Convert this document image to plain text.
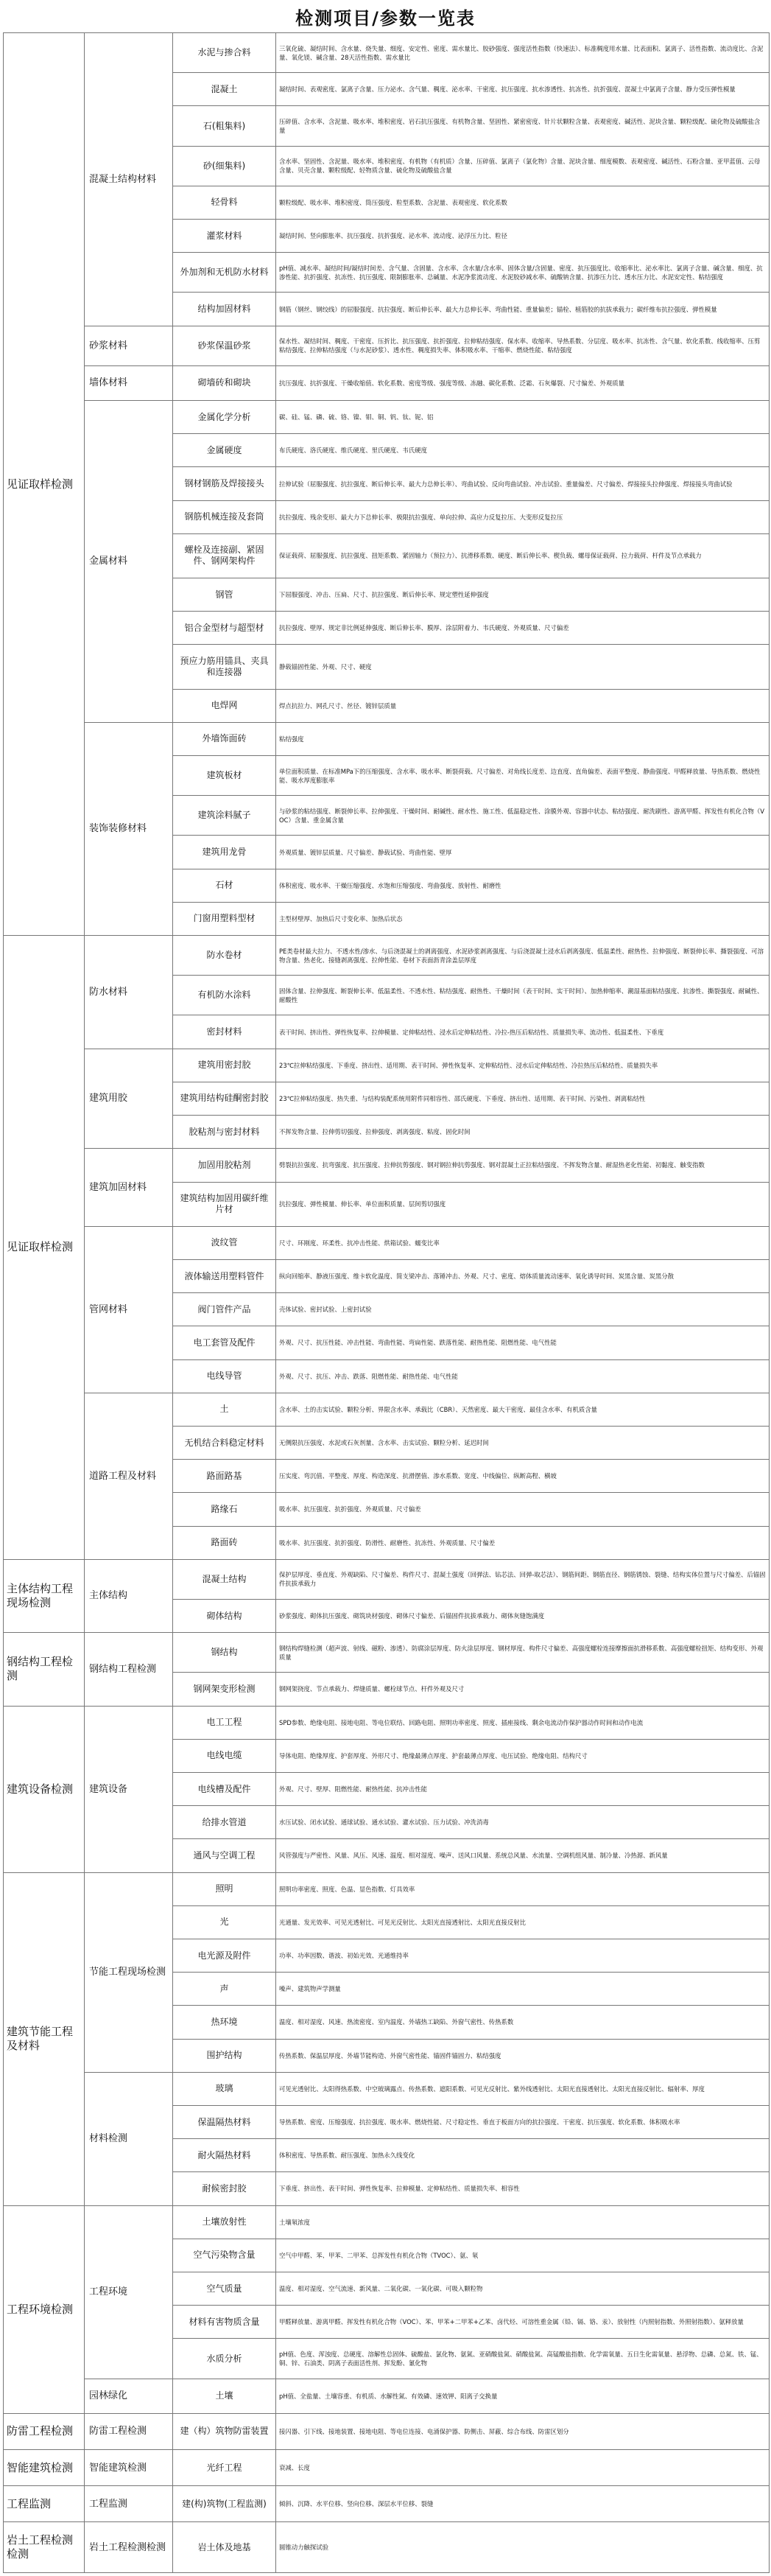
检测项目/参数一览表
见证取样检测	混凝土结构材料	水泥与掺合料	三氧化硫、凝结时间、含水量、烧失量、细度、安定性、密度、需水量比、胶砂强度、强度活性指数（快速法）、标准稠度用水量、比表面积、氯离子、活性指数、流动度比、含泥量、氧化镁、碱含量、28天活性指数、需水量比
		混凝土	凝结时间、表观密度、氯离子含量、压力泌水、含气量、稠度、泌水率、干密度、抗压强度、抗水渗透性、抗冻性、抗折强度、混凝土中氯离子含量、静力受压弹性模量
		石(粗集料)	压碎值、含水率、含泥量、吸水率、堆积密度、岩石抗压强度、有机物含量、坚固性、紧密密度、针片状颗粒含量、表观密度、碱活性、泥块含量、颗粒级配、硫化物及硫酸盐含量
		砂(细集料)	含水率、坚固性、含泥量、吸水率、堆积密度、有机物（有机质）含量、压碎值、氯离子（氯化物）含量、泥块含量、细度模数、表观密度、碱活性、石粉含量、亚甲蓝值、云母含量、贝壳含量、颗粒级配、轻物质含量、硫化物及硫酸盐含量
		轻骨料	颗粒级配、吸水率、堆积密度、筒压强度、粒型系数、含泥量、表观密度、软化系数
		灌浆材料	凝结时间、竖向膨胀率、抗压强度、抗折强度、泌水率、流动度、泌浮压力比、粒径
		外加剂和无机防水材料	pH值、减水率、凝结时间/凝结时间差、含气量、含固量、含水率、含水量/含水率、固体含量/含固量、密度、抗压强度比、收缩率比、泌水率比、氯离子含量、碱含量、细度、抗渗性能、抗折强度、抗冻性、抗压强度、限制膨胀率、总碱量、水泥净浆流动度、水泥胶砂减水率、硫酸钠含量、抗渗压力比、透水压力比、水泥安定性、粘结强度
		结构加固材料	钢筋（钢丝、钢绞线）的屈服强度、抗拉强度、断后伸长率、最大力总伸长率、弯曲性能、重量偏差；锚栓、植筋胶的抗拔承载力；碳纤维布抗拉强度、弹性模量
	砂浆材料	砂浆保温砂浆	保水性、凝结时间、稠度、干密度、压折比、抗压强度、抗折强度、拉伸粘结强度、保水率、收缩率、导热系数、分层度、吸水率、抗冻性、含气量、软化系数、线收缩率、压剪粘结强度、拉伸粘结强度（与水泥砂浆）、透水性、稠度损失率、体积吸水率、干缩率、燃烧性能、粘结强度
	墙体材料	砌墙砖和砌块	抗压强度、抗折强度、干燥收缩值、软化系数、密度等级、强度等级、冻融、碳化系数、泛霜、石灰爆裂、尺寸偏差、外观质量
	金属材料	金属化学分析	碳、硅、锰、磷、硫、铬、镍、钼、铜、钒、钛、铌、铝
		金属硬度	布氏硬度、洛氏硬度、维氏硬度、里氏硬度、韦氏硬度
		钢材钢筋及焊接接头	拉伸试验（屈服强度、抗拉强度、断后伸长率、最大力总伸长率）、弯曲试验、反向弯曲试验、冲击试验、重量偏差、尺寸偏差、焊接接头拉伸强度、焊接接头弯曲试验
		钢筋机械连接及套筒	抗拉强度、残余变形、最大力下总伸长率、极限抗拉强度、单向拉伸、高应力反复拉压、大变形反复拉压
		螺栓及连接副、紧固件、钢网架构件	保证载荷、屈服强度、抗拉强度、扭矩系数、紧固轴力（预拉力）、抗滑移系数、硬度、断后伸长率、楔负载、螺母保证载荷、拉力载荷、杆件及节点承载力
		钢管	下屈服强度、冲击、压扁、尺寸、抗拉强度、断后伸长率、规定塑性延伸强度
		铝合金型材与超型材	抗拉强度、壁厚、规定非比例延伸强度、断后伸长率、膜厚、涂层附着力、韦氏硬度、外观质量、尺寸偏差
		预应力筋用锚具、夹具和连接器	静载锚固性能、外观、尺寸、硬度
		电焊网	焊点抗拉力、网孔尺寸、丝径、镀锌层质量
	装饰装修材料	外墙饰面砖	粘结强度
		建筑板材	单位面积质量、在标准MPa下的压缩强度、含水率、吸水率、断裂荷载、尺寸偏差、对角线长度差、边直度、直角偏差、表面平整度、静曲强度、甲醛释放量、导热系数、燃烧性能、吸水厚度膨胀率
		建筑涂料腻子	与砂浆的粘结强度、断裂伸长率、拉伸强度、干燥时间、耐碱性、耐水性、施工性、低温稳定性、涂膜外观、容器中状态、粘结强度、耐洗刷性、游离甲醛、挥发性有机化合物（VOC）含量、重金属含量
		建筑用龙骨	外观质量、镀锌层质量、尺寸偏差、静载试验、弯曲性能、壁厚
		石材	体积密度、吸水率、干燥压缩强度、水饱和压缩强度、弯曲强度、放射性、耐磨性
		门窗用塑料型材	主型材壁厚、加热后尺寸变化率、加热后状态
见证取样检测	防水材料	防水卷材	PE类卷材最大拉力、不透水性/渗水、与后浇混凝土的剥离强度、水泥砂浆剥离强度、与后浇混凝土浸水后剥离强度、低温柔性、耐热性、拉伸强度、断裂伸长率、撕裂强度、可溶物含量、热老化、接缝剥离强度、拉伸性能、卷材下表面沥青涂盖层厚度
		有机防水涂料	固体含量、拉伸强度、断裂伸长率、低温柔性、不透水性、粘结强度、耐热性、干燥时间（表干时间、实干时间）、加热伸缩率、潮湿基面粘结强度、抗渗性、撕裂强度、耐碱性、耐酸性
		密封材料	表干时间、挤出性、弹性恢复率、拉伸模量、定伸粘结性、浸水后定伸粘结性、冷拉-热压后粘结性、质量损失率、流动性、低温柔性、下垂度
	建筑用胶	建筑用密封胶	23℃拉伸粘结强度、下垂度、挤出性、适用期、表干时间、弹性恢复率、定伸粘结性、浸水后定伸粘结性、冷拉热压后粘结性、质量损失率
		建筑用结构硅酮密封胶	23℃拉伸粘结强度、热失重、与结构装配系统用附件同相容性、邵氏硬度、下垂度、挤出性、适用期、表干时间、污染性、剥离粘结性
		胶粘剂与密封材料	不挥发物含量、拉伸剪切强度、拉伸强度、剥离强度、粘度、固化时间
	建筑加固材料	加固用胶粘剂	劈裂抗拉强度、抗弯强度、抗压强度、拉伸抗剪强度、钢对钢拉伸抗剪强度、钢对混凝土正拉粘结强度、不挥发物含量、耐湿热老化性能、初黏度、触变指数
		建筑结构加固用碳纤维片材	抗拉强度、弹性模量、伸长率、单位面积质量、层间剪切强度
	管网材料	波纹管	尺寸、环刚度、环柔性、抗冲击性能、烘箱试验、蠕变比率
		液体输送用塑料管件	纵向回缩率、静液压强度、维卡软化温度、简支梁冲击、落锤冲击、外观、尺寸、密度、熔体质量流动速率、氧化诱导时间、炭黑含量、炭黑分散
		阀门管件产品	壳体试验、密封试验、上密封试验
		电工套管及配件	外观、尺寸、抗压性能、冲击性能、弯曲性能、弯扁性能、跌落性能、耐热性能、阻燃性能、电气性能
		电线导管	外观、尺寸、抗压、冲击、跌落、阻燃性能、耐热性能、电气性能
	道路工程及材料	土	含水率、土的击实试验、颗粒分析、界限含水率、承载比（CBR）、天然密度、最大干密度、最佳含水率、有机质含量
		无机结合料稳定材料	无侧限抗压强度、水泥或石灰剂量、含水率、击实试验、颗粒分析、延迟时间
		路面路基	压实度、弯沉值、平整度、厚度、构造深度、抗滑摆值、渗水系数、宽度、中线偏位、纵断高程、横坡
		路缘石	吸水率、抗压强度、抗折强度、外观质量、尺寸偏差
		路面砖	吸水率、抗压强度、抗折强度、防滑性、耐磨性、抗冻性、外观质量、尺寸偏差
主体结构工程现场检测	主体结构	混凝土结构	保护层厚度、垂直度、外观缺陷、尺寸偏差、构件尺寸、混凝土强度（回弹法、钻芯法、回弹-取芯法）、钢筋间距、钢筋直径、钢筋锈蚀、裂缝、结构实体位置与尺寸偏差、后锚固件抗拔承载力
		砌体结构	砂浆强度、砌体抗压强度、砌筑块材强度、砌体尺寸偏差、后锚固件抗拔承载力、砌体灰缝饱满度
钢结构工程检测	钢结构工程检测	钢结构	钢结构焊缝检测（超声波、射线、磁粉、渗透）、防腐涂层厚度、防火涂层厚度、钢材厚度、构件尺寸偏差、高强度螺栓连接摩擦面抗滑移系数、高强度螺栓扭矩、结构变形、外观质量
		钢网架变形检测	钢网架挠度、节点承载力、焊缝质量、螺栓球节点、杆件外观及尺寸
建筑设备检测	建筑设备	电工工程	SPD参数、绝缘电阻、接地电阻、等电位联结、回路电阻、照明功率密度、照度、插座接线、剩余电流动作保护器动作时间和动作电流
		电线电缆	导体电阻、绝缘厚度、护套厚度、外形尺寸、绝缘最薄点厚度、护套最薄点厚度、电压试验、绝缘电阻、结构尺寸
		电线槽及配件	外观、尺寸、壁厚、阻燃性能、耐热性能、抗冲击性能
		给排水管道	水压试验、闭水试验、通球试验、通水试验、灌水试验、压力试验、冲洗消毒
		通风与空调工程	风管强度与严密性、风量、风压、风速、温度、相对湿度、噪声、送风口风量、系统总风量、水流量、空调机组风量、制冷量、冷热源、新风量
建筑节能工程及材料	节能工程现场检测	照明	照明功率密度、照度、色温、显色指数、灯具效率
		光	光通量、发光效率、可见光透射比、可见光反射比、太阳光直接透射比、太阳光直接反射比
		电光源及附件	功率、功率因数、谐波、初始光效、光通维持率
		声	噪声、建筑物声学测量
		热环境	温度、相对湿度、风速、热流密度、室内温度、外墙热工缺陷、外窗气密性、传热系数
		围护结构	传热系数、保温层厚度、外墙节能构造、外窗气密性能、锚固件锚固力、粘结强度
	材料检测	玻璃	可见光透射比、太阳得热系数、中空玻璃露点、传热系数、遮阳系数、可见光反射比、紫外线透射比、太阳光直接透射比、太阳光直接反射比、辐射率、厚度
		保温隔热材料	导热系数、密度、压缩强度、抗拉强度、吸水率、燃烧性能、尺寸稳定性、垂直于板面方向的抗拉强度、干密度、抗压强度、软化系数、体积吸水率
		耐火隔热材料	体积密度、导热系数、耐压强度、加热永久线变化
		耐候密封胶	下垂度、挤出性、表干时间、弹性恢复率、拉伸模量、定伸粘结性、质量损失率、相容性
工程环境检测	工程环境	土壤放射性	土壤氡浓度
		空气污染物含量	空气中甲醛、苯、甲苯、二甲苯、总挥发性有机化合物（TVOC）、氨、氡
		空气质量	温度、相对湿度、空气流速、新风量、二氧化碳、一氧化碳、可吸入颗粒物
		材料有害物质含量	甲醛释放量、游离甲醛、挥发性有机化合物（VOC）、苯、甲苯+二甲苯+乙苯、卤代烃、可溶性重金属（铅、镉、铬、汞）、放射性（内照射指数、外照射指数）、氨释放量
		水质分析	pH值、色度、浑浊度、总硬度、溶解性总固体、硫酸盐、氯化物、氨氮、亚硝酸盐氮、硝酸盐氮、高锰酸盐指数、化学需氧量、五日生化需氧量、悬浮物、总磷、总氮、铁、锰、铜、锌、石油类、阴离子表面活性剂、挥发酚、氰化物
	园林绿化	土壤	pH值、全盐量、土壤容重、有机质、水解性氮、有效磷、速效钾、阳离子交换量
防雷工程检测	防雷工程检测	建（构）筑物防雷装置	接闪器、引下线、接地装置、接地电阻、等电位连接、电涌保护器、防侧击、屏蔽、综合布线、防雷区划分
智能建筑检测	智能建筑检测	光纤工程	衰减、长度
工程监测	工程监测	建(构)筑物(工程监测)	倾斜、沉降、水平位移、竖向位移、深层水平位移、裂缝
岩土工程检测检测	岩土工程检测检测	岩土体及地基	圆锥动力触探试验
